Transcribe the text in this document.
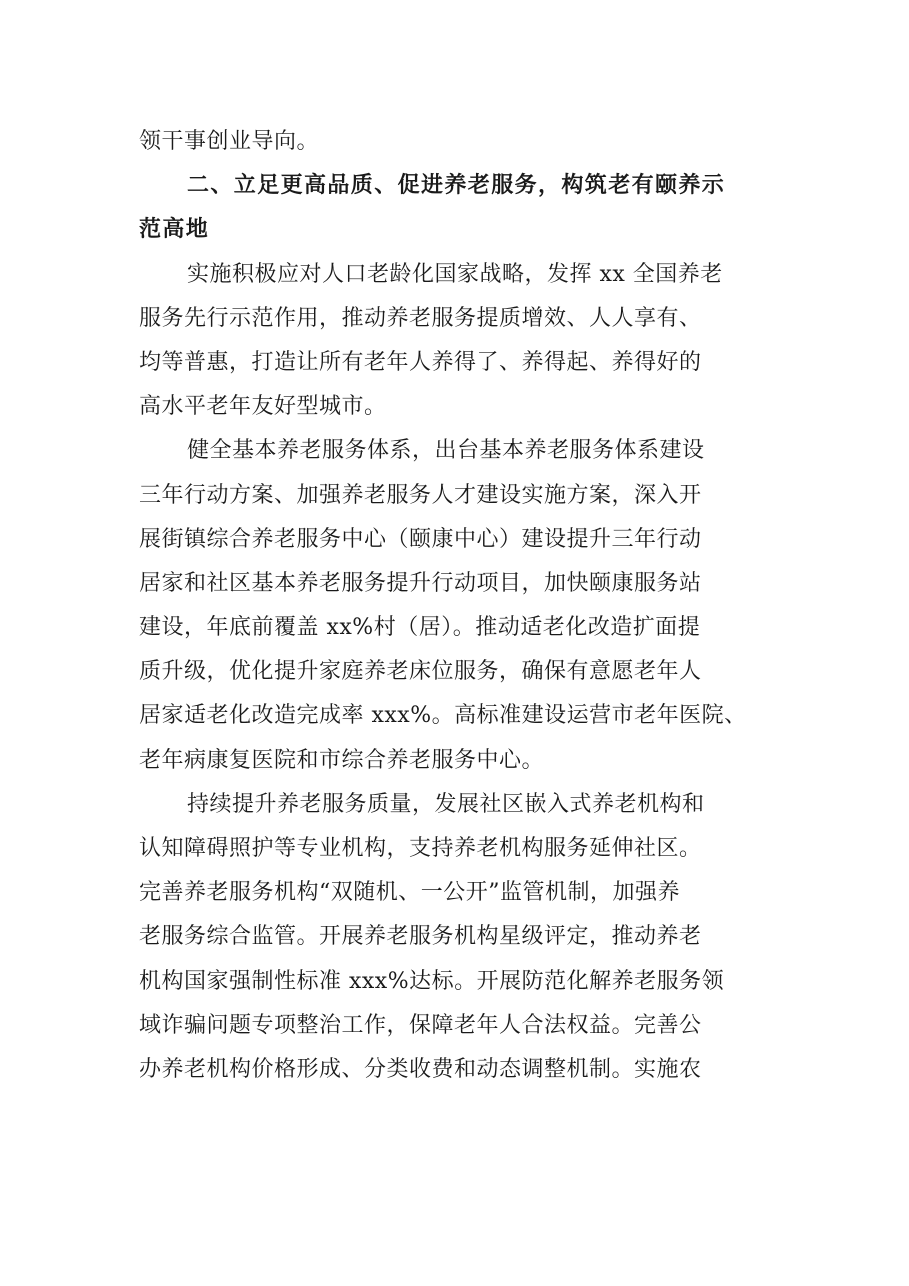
领干事创业导向。
二、立足更高品质、促进养老服务，构筑老有颐养示
范高地
实施积极应对人口老龄化国家战略，发挥 xx 全国养老
服务先行示范作用，推动养老服务提质增效、人人享有、
均等普惠，打造让所有老年人养得了、养得起、养得好的
高水平老年友好型城市。
健全基本养老服务体系，出台基本养老服务体系建设
三年行动方案、加强养老服务人才建设实施方案，深入开
展街镇综合养老服务中心（颐康中心）建设提升三年行动
居家和社区基本养老服务提升行动项目，加快颐康服务站
建设，年底前覆盖 xx%村（居）。推动适老化改造扩面提
质升级，优化提升家庭养老床位服务，确保有意愿老年人
居家适老化改造完成率 xxx%。高标准建设运营市老年医院、
老年病康复医院和市综合养老服务中心。
持续提升养老服务质量，发展社区嵌入式养老机构和
认知障碍照护等专业机构，支持养老机构服务延伸社区。
完善养老服务机构“双随机、一公开”监管机制，加强养
老服务综合监管。开展养老服务机构星级评定，推动养老
机构国家强制性标准 xxx%达标。开展防范化解养老服务领
域诈骗问题专项整治工作，保障老年人合法权益。完善公
办养老机构价格形成、分类收费和动态调整机制。实施农
